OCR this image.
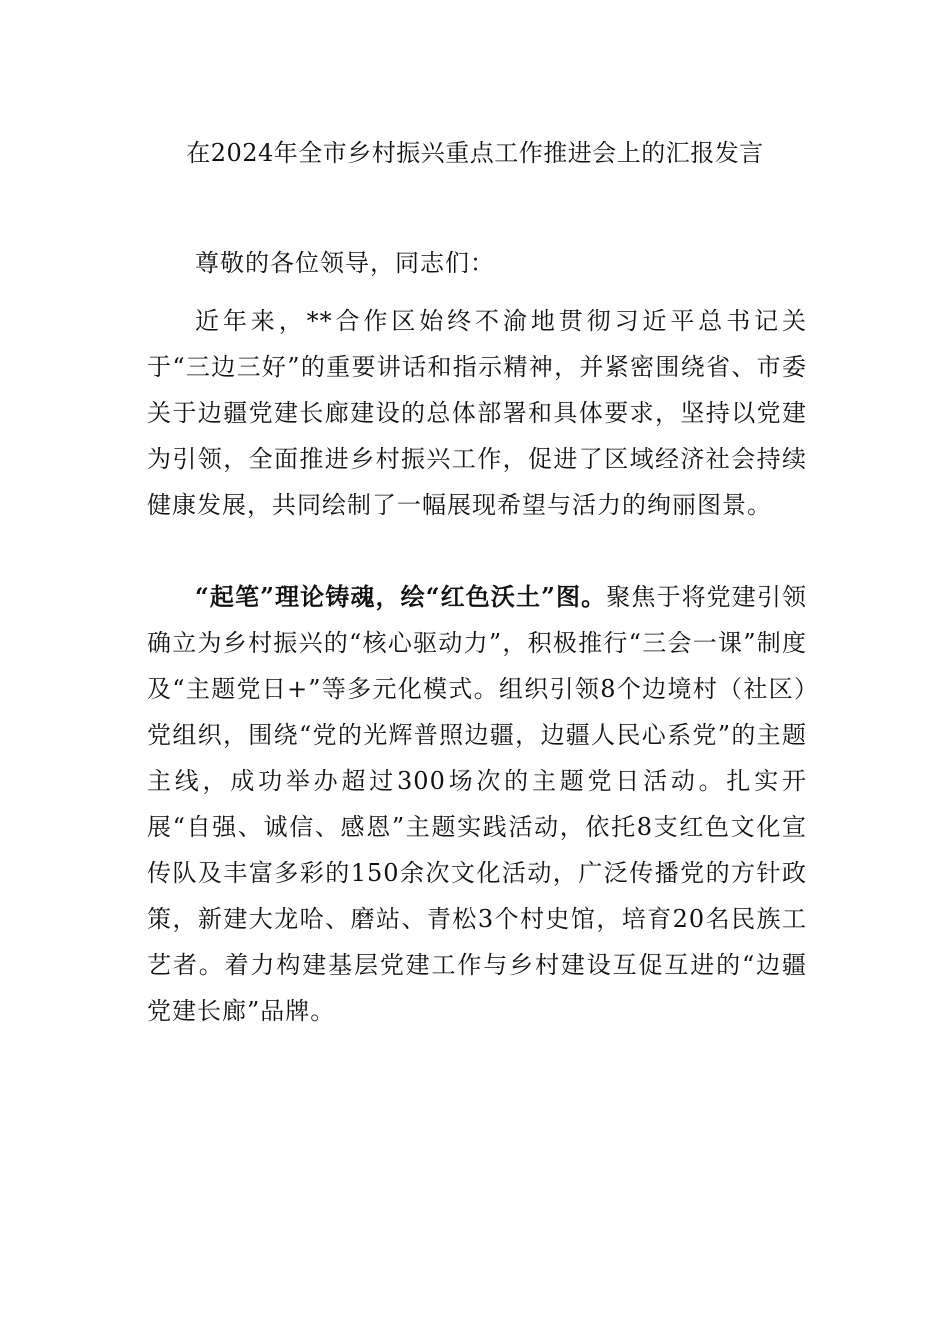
在2024年全市乡村振兴重点工作推进会上的汇报发言

尊敬的各位领导，同志们：

近年来，**合作区始终不渝地贯彻习近平总书记关于“三边三好”的重要讲话和指示精神，并紧密围绕省、市委关于边疆党建长廊建设的总体部署和具体要求，坚持以党建为引领，全面推进乡村振兴工作，促进了区域经济社会持续健康发展，共同绘制了一幅展现希望与活力的绚丽图景。

“起笔”理论铸魂，绘“红色沃土”图。聚焦于将党建引领确立为乡村振兴的“核心驱动力”，积极推行“三会一课”制度及“主题党日+”等多元化模式。组织引领8个边境村（社区）党组织，围绕“党的光辉普照边疆，边疆人民心系党”的主题主线，成功举办超过300场次的主题党日活动。扎实开展“自强、诚信、感恩”主题实践活动，依托8支红色文化宣传队及丰富多彩的150余次文化活动，广泛传播党的方针政策，新建大龙哈、磨站、青松3个村史馆，培育20名民族工艺者。着力构建基层党建工作与乡村建设互促互进的“边疆党建长廊”品牌。
